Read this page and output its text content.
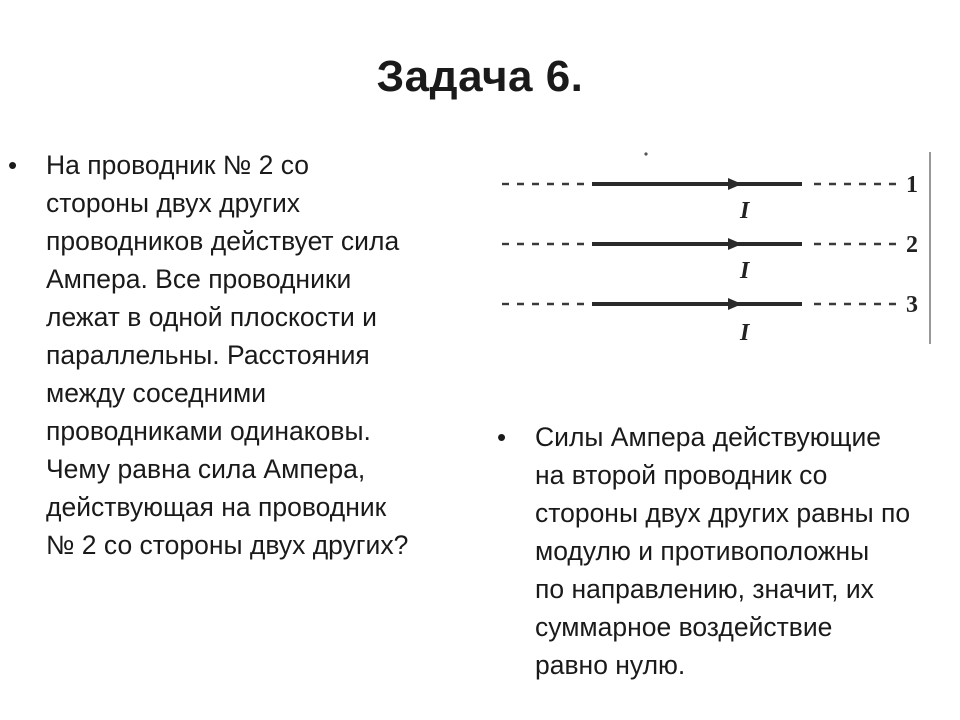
Задача 6.
• На проводник № 2 со
стороны двух других
проводников действует сила
Ампера. Все проводники
лежат в одной плоскости и
параллельны. Расстояния
между соседними
проводниками одинаковы.
Чему равна сила Ампера,
действующая на проводник
№ 2 со стороны двух других?
1
I
2
I
3
I
• Силы Ампера действующие
на второй проводник со
стороны двух других равны по
модулю и противоположны
по направлению, значит, их
суммарное воздействие
равно нулю.
